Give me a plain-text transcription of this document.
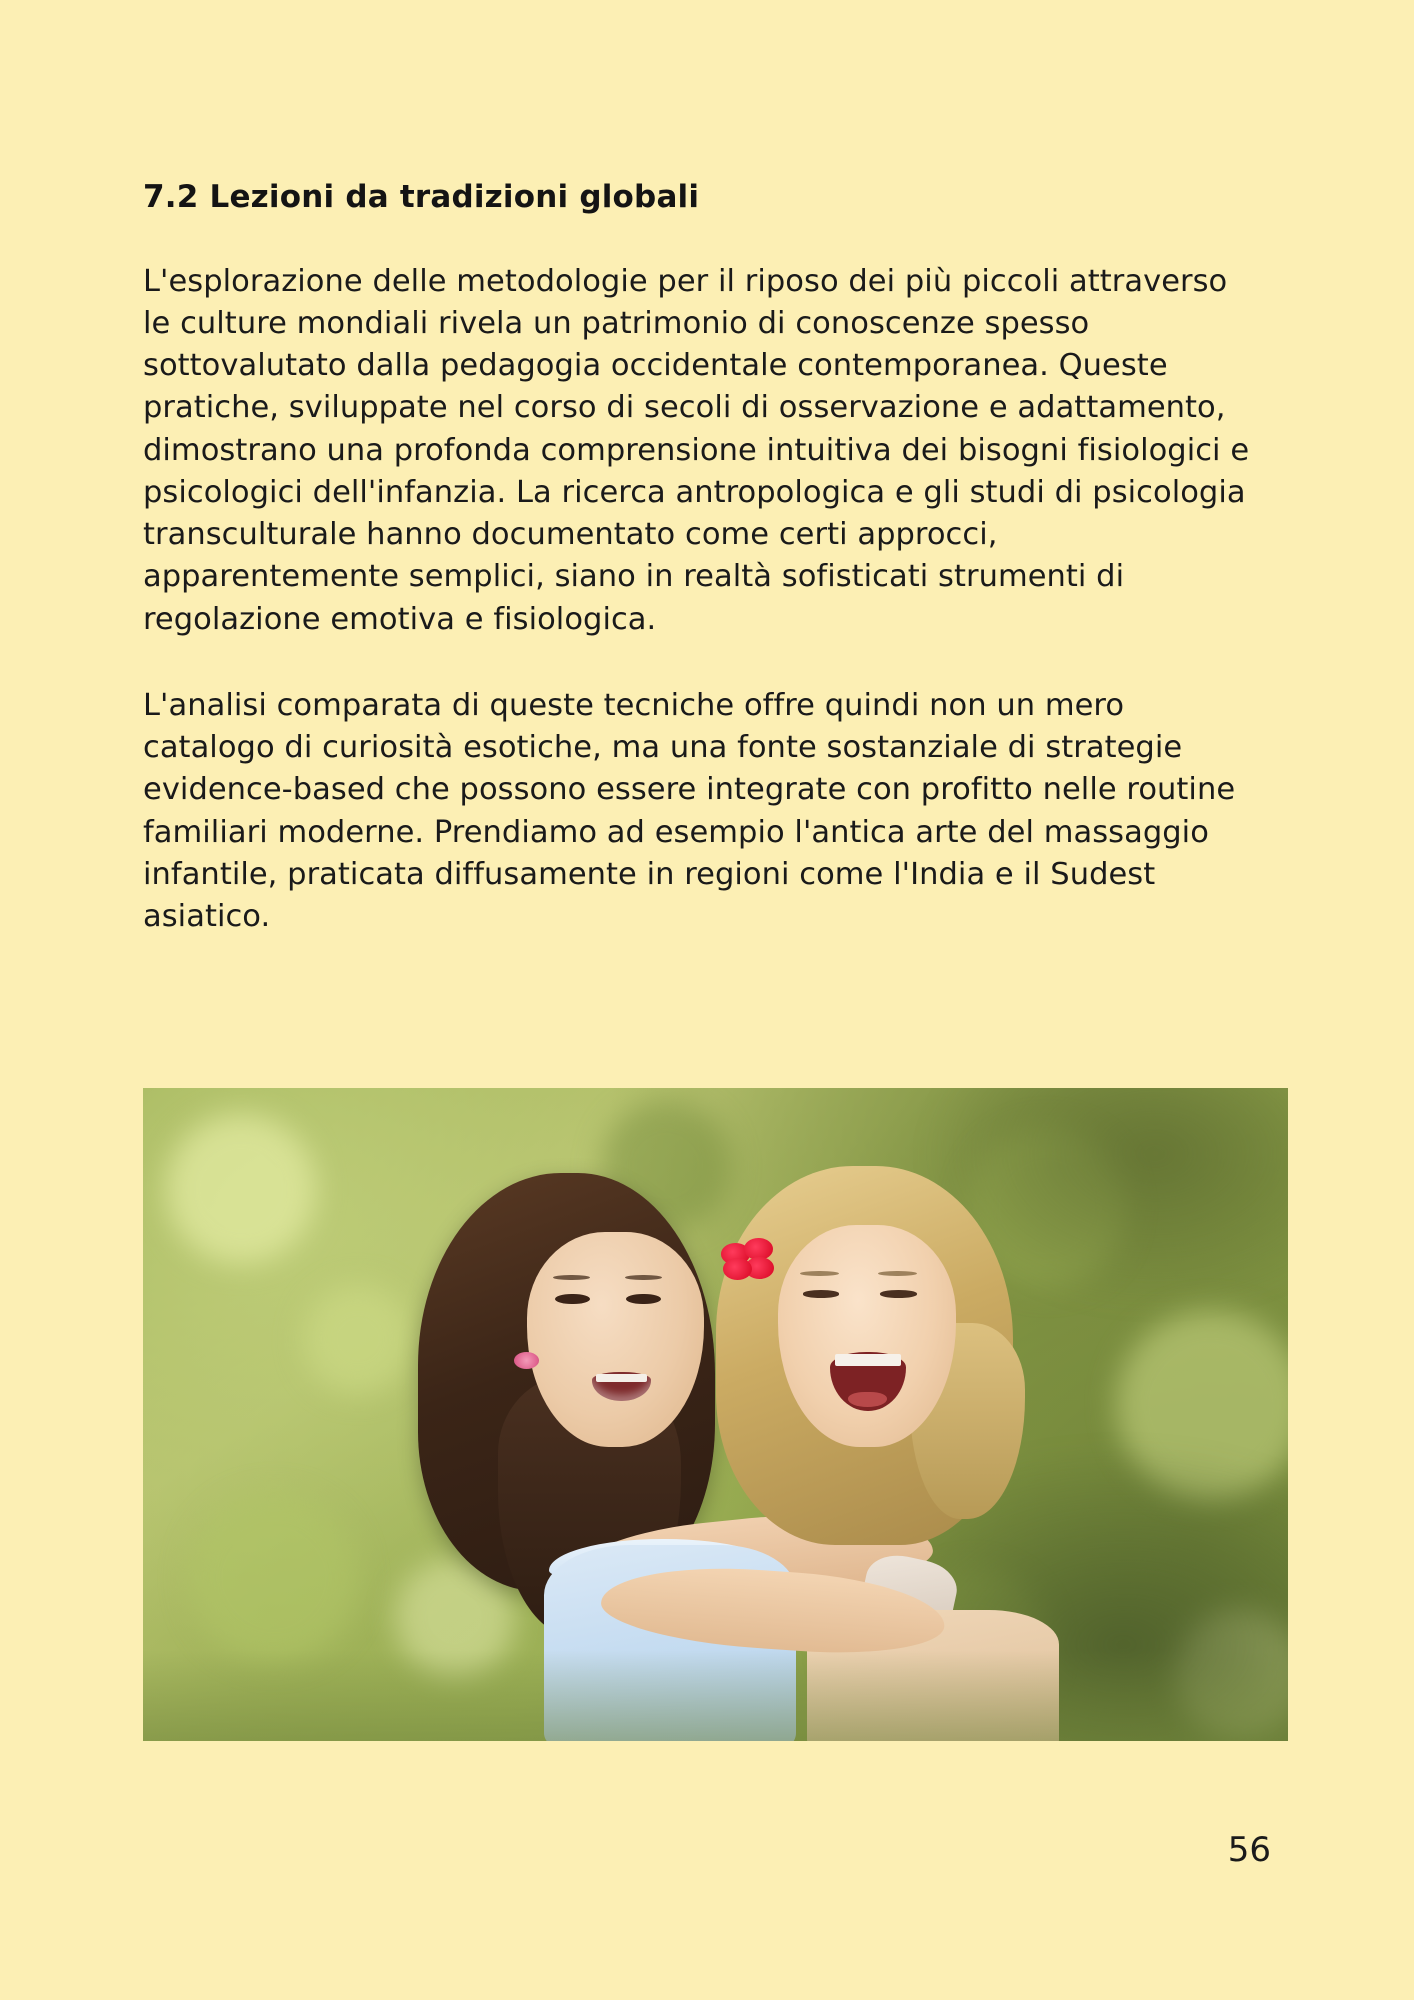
7.2 Lezioni da tradizioni globali

L'esplorazione delle metodologie per il riposo dei più piccoli attraverso le culture mondiali rivela un patrimonio di conoscenze spesso sottovalutato dalla pedagogia occidentale contemporanea. Queste pratiche, sviluppate nel corso di secoli di osservazione e adattamento, dimostrano una profonda comprensione intuitiva dei bisogni fisiologici e psicologici dell'infanzia. La ricerca antropologica e gli studi di psicologia transculturale hanno documentato come certi approcci, apparentemente semplici, siano in realtà sofisticati strumenti di regolazione emotiva e fisiologica.

L'analisi comparata di queste tecniche offre quindi non un mero catalogo di curiosità esotiche, ma una fonte sostanziale di strategie evidence-based che possono essere integrate con profitto nelle routine familiari moderne. Prendiamo ad esempio l'antica arte del massaggio infantile, praticata diffusamente in regioni come l'India e il Sudest asiatico.

56
